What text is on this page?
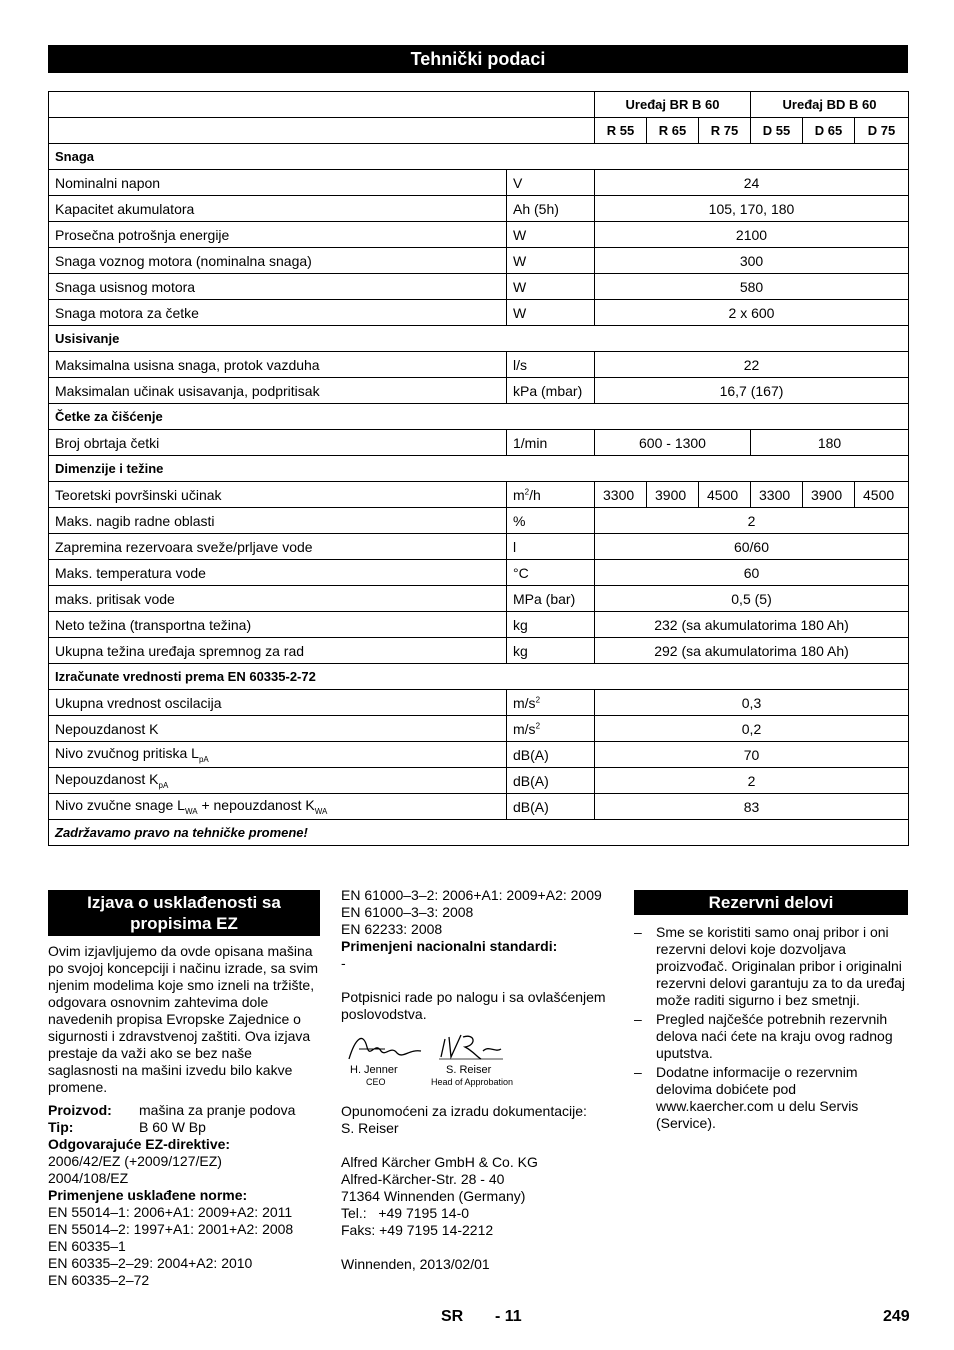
Tehnički podaci
		Uređaj BR B 60			Uređaj BD B 60		
		R 55	R 65	R 75	D 55	D 65	D 75
Snaga							
Nominalni napon	V	24					
Kapacitet akumulatora	Ah (5h)	105, 170, 180					
Prosečna potrošnja energije	W	2100					
Snaga voznog motora (nominalna snaga)	W	300					
Snaga usisnog motora	W	580					
Snaga motora za četke	W	2 x 600					
Usisivanje							
Maksimalna usisna snaga, protok vazduha	l/s	22					
Maksimalan učinak usisavanja, podpritisak	kPa (mbar)	16,7 (167)					
Četke za čišćenje							
Broj obrtaja četki	1/min	600 - 1300			180		
Dimenzije i težine							
Teoretski površinski učinak	$m^2/h$	3300	3900	4500	3300	3900	4500
Maks. nagib radne oblasti	%	2					
Zapremina rezervoara sveže/prljave vode	l	60/60					
Maks. temperatura vode	°C	60					
maks. pritisak vode	MPa (bar)	0,5 (5)					
Neto težina (transportna težina)	kg	232 (sa akumulatorima 180 Ah)					
Ukupna težina uređaja spremnog za rad	kg	292 (sa akumulatorima 180 Ah)					
Izračunate vrednosti prema EN 60335-2-72							
Ukupna vrednost oscilacija	$m/s^2$	0,3					
Nepouzdanost K	$m/s^2$	0,2					
Nivo zvučnog pritiska $L_{pA}$	dB(A)	70					
Nepouzdanost $K_{pA}$	dB(A)	2					
Nivo zvučne snage $L_{WA}$ + nepouzdanost $K_{WA}$	dB(A)	83					
Zadržavamo pravo na tehničke promene!							
Izjava o usklađenosti sa propisima EZ

Ovim izjavljujemo da ovde opisana mašina po svojoj koncepciji i načinu izrade, sa svim njenim modelima koje smo izneli na tržište, odgovara osnovnim zahtevima dole navedenih propisa Evropske Zajednice o sigurnosti i zdravstvenoj zaštiti. Ova izjava prestaje da važi ako se bez naše saglasnosti na mašini izvedu bilo kakve promene.

Proizvod:	mašina za pranje podova
Tip:	B 60 W Bp
Odgovarajuće EZ-direktive:
2006/42/EZ (+2009/127/EZ)
2004/108/EZ
Primenjene usklađene norme:
EN 55014–1: 2006+A1: 2009+A2: 2011
EN 55014–2: 1997+A1: 2001+A2: 2008
EN 60335–1
EN 60335–2–29: 2004+A2: 2010
EN 60335–2–72
EN 61000–3–2: 2006+A1: 2009+A2: 2009
EN 61000–3–3: 2008
EN 62233: 2008
Primenjeni nacionalni standardi:
-

Potpisnici rade po nalogu i sa ovlašćenjem poslovodstva.

H. Jenner
CEO
S. Reiser
Head of Approbation
Opunomoćeni za izradu dokumentacije:
S. Reiser
Alfred Kärcher GmbH & Co. KG
Alfred-Kärcher-Str. 28 - 40
71364 Winnenden (Germany)
Tel.:   +49 7195 14-0
Faks: +49 7195 14-2212
Winnenden, 2013/02/01
Rezervni delovi
– Sme se koristiti samo onaj pribor i oni rezervni delovi koje dozvoljava proizvođač. Originalan pribor i originalni rezervni delovi garantuju za to da uređaj može raditi sigurno i bez smetnji.
– Pregled najčešće potrebnih rezervnih delova naći ćete na kraju ovog radnog uputstva.
– Dodatne informacije o rezervnim delovima dobićete pod www.kaercher.com u delu Servis (Service).
SR - 11	249
